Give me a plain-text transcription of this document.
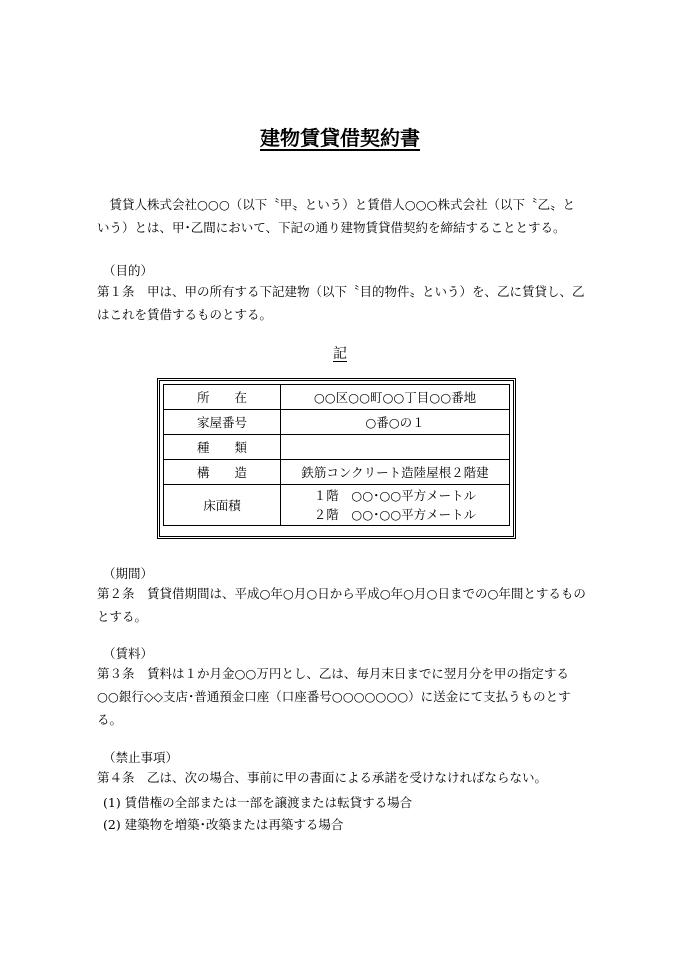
建物賃貸借契約書
　賃貸人株式会社○○○（以下〝甲〟という）と賃借人○○○株式会社（以下〝乙〟という）とは、甲･乙間において、下記の通り建物賃貸借契約を締結することとする。
（目的）
第１条　甲は、甲の所有する下記建物（以下〝目的物件〟という）を、乙に賃貸し、乙はこれを賃借するものとする。
記
所　　在	○○区○○町○○丁目○○番地
家屋番号	○番○の１
種　　類	
構　　造	鉄筋コンクリート造陸屋根２階建
床面積	１階　○○･○○平方メートル
２階　○○･○○平方メートル
（期間）
第２条　賃貸借期間は、平成○年○月○日から平成○年○月○日までの○年間とするものとする。
（賃料）
第３条　賃料は１か月金○○万円とし、乙は、毎月末日までに翌月分を甲の指定する○○銀行◇◇支店･普通預金口座（口座番号○○○○○○○）に送金にて支払うものとする。
（禁止事項）
第４条　乙は、次の場合、事前に甲の書面による承諾を受けなければならない。
(1) 賃借権の全部または一部を譲渡または転貸する場合
(2) 建築物を増築･改築または再築する場合
